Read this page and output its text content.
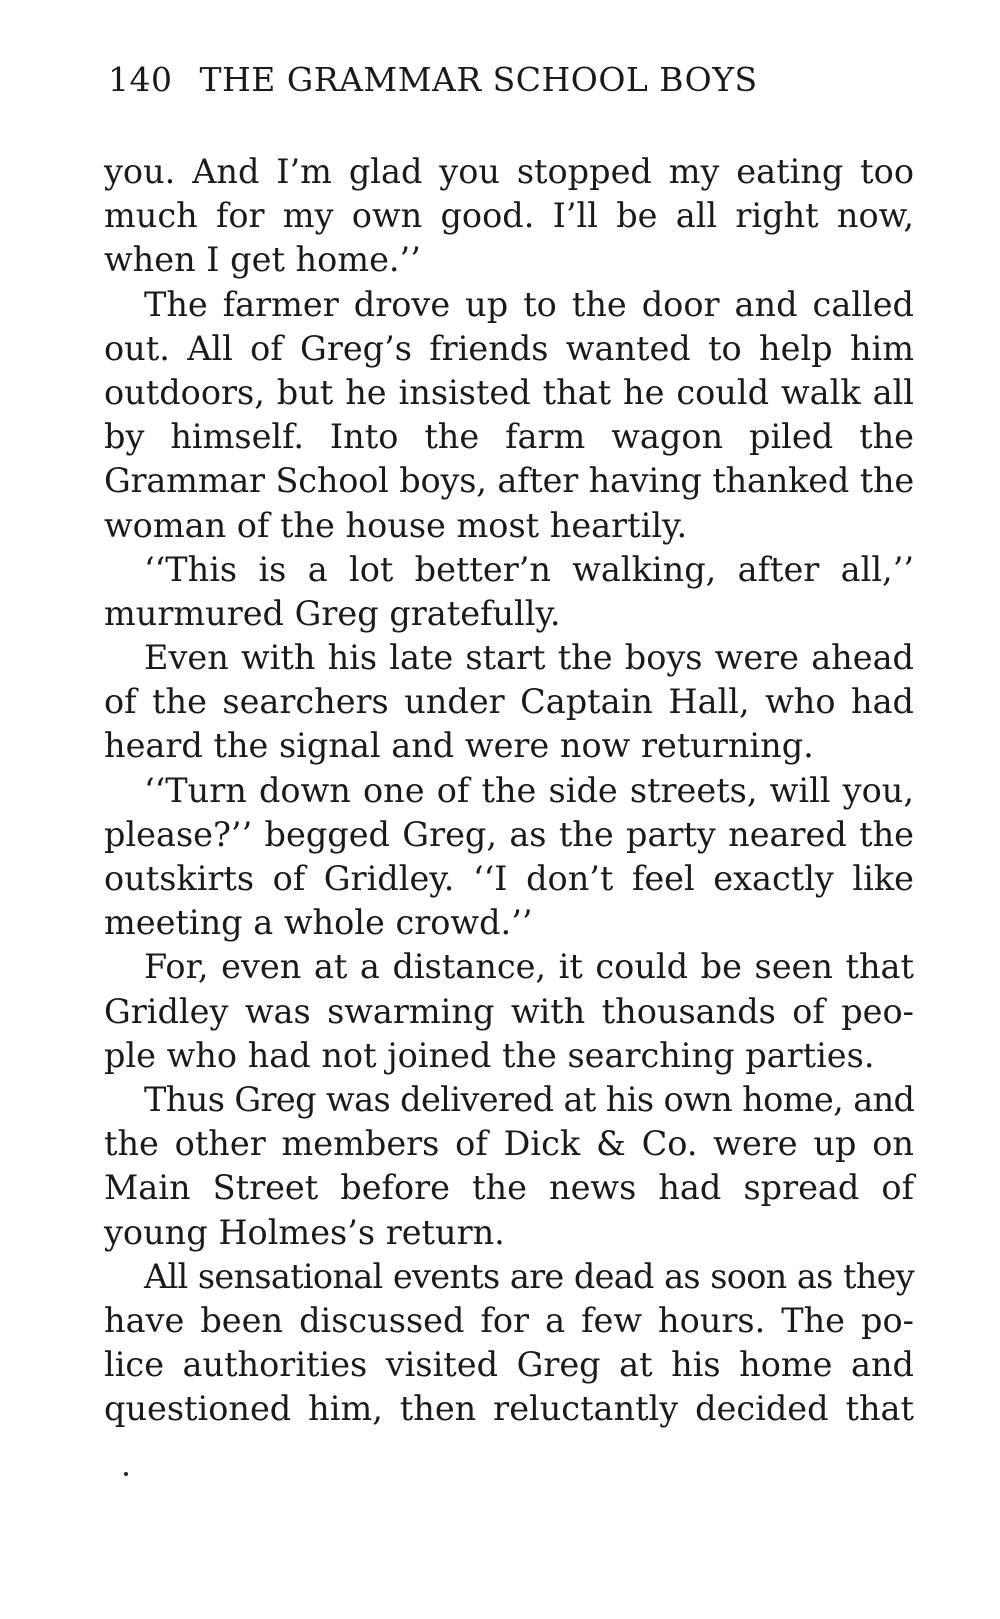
140 THE GRAMMAR SCHOOL BOYS
you. And I’m glad you stopped my eating too
much for my own good. I’ll be all right now,
when I get home.’’
The farmer drove up to the door and called
out. All of Greg’s friends wanted to help him
outdoors, but he insisted that he could walk all
by himself. Into the farm wagon piled the
Grammar School boys, after having thanked the
woman of the house most heartily.
‘‘This is a lot better’n walking, after all,’’
murmured Greg gratefully.
Even with his late start the boys were ahead
of the searchers under Captain Hall, who had
heard the signal and were now returning.
‘‘Turn down one of the side streets, will you,
please?’’ begged Greg, as the party neared the
outskirts of Gridley. ‘‘I don’t feel exactly like
meeting a whole crowd.’’
For, even at a distance, it could be seen that
Gridley was swarming with thousands of peo-
ple who had not joined the searching parties.
Thus Greg was delivered at his own home, and
the other members of Dick & Co. were up on
Main Street before the news had spread of
young Holmes’s return.
All sensational events are dead as soon as they
have been discussed for a few hours. The po-
lice authorities visited Greg at his home and
questioned him, then reluctantly decided that
